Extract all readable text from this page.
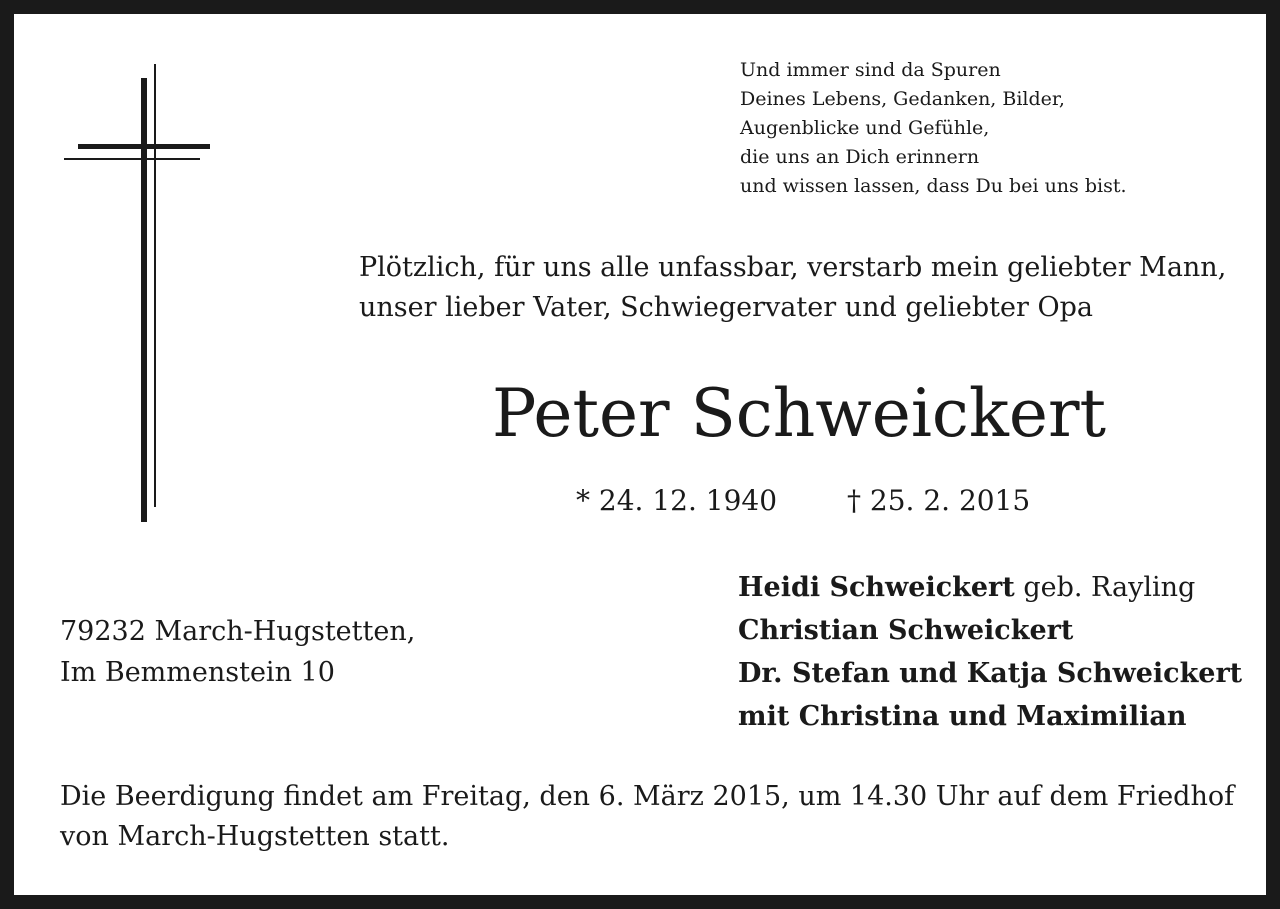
Und immer sind da Spuren
Deines Lebens, Gedanken, Bilder,
Augenblicke und Gefühle,
die uns an Dich erinnern
und wissen lassen, dass Du bei uns bist.
Plötzlich, für uns alle unfassbar, verstarb mein geliebter Mann,
unser lieber Vater, Schwiegervater und geliebter Opa
Peter Schweickert
* 24. 12. 1940	† 25. 2. 2015
79232 March-Hugstetten,
Im Bemmenstein 10
Heidi Schweickert geb. Rayling
Christian Schweickert
Dr. Stefan und Katja Schweickert
mit Christina und Maximilian
Die Beerdigung findet am Freitag, den 6. März 2015, um 14.30 Uhr auf dem Friedhof
von March-Hugstetten statt.
